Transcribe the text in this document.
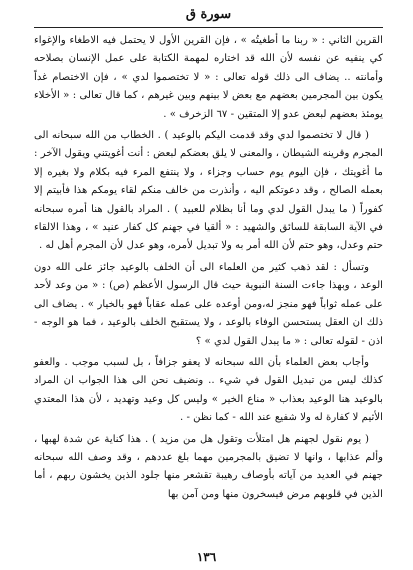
سورة ق

القرين الثاني : « ربنا ما أطغيتُه » ، فإن القرين الأول لا يحتمل فيه الاطغاء والإغواء كي ينفيه عن نفسه لأن الله قد اختاره لمهمة الكتابة على عمل الإنسان بصلاحه وأمانته .. يضاف الى ذلك قوله تعالى : « لا تختصموا لدي » ، فإن الاختصام غداً يكون بين المجرمين بعضهم مع بعض لا بينهم وبين غيرهم ، كما قال تعالى : « الأخلاء يومئذ بعضهم لبعض عدو إلا المتقين - ٦٧ الزخرف » .

( قال لا تختصموا لدي وقد قدمت اليكم بالوعيد ) . الخطاب من الله سبحانه الى المجرم وقرينه الشيطان ، والمعنى لا يلق بعضكم لبعض : أنت أغويتني ويقول الآخر : ما أغويتك ، فإن اليوم يوم حساب وجزاء ، ولا ينتفع المرء فيه بكلام ولا بغيره إلا بعمله الصالح ، وقد دعوتكم اليه ، وأنذرت من خالف منكم لقاء يومكم هذا فأبيتم إلا كفوراً ( ما يبدل القول لدي وما أنا بظلام للعبيد ) . المراد بالقول هنا أمره سبحانه في الآية السابقة للسائق والشهيد : « ألقيا في جهنم كل كفار عنيد » ، وهذا الالقاء حتم وعدل، وهو حتم لأن الله أمر به ولا تبديل لأمره، وهو عدل لأن المجرم أهل له .

وتسأل : لقد ذهب كثير من العلماء الى أن الخلف بالوعيد جائز على الله دون الوعد ، وبهذا جاءت السنة النبوية حيث قال الرسول الأعظم (ص) : « من وعد لأحد على عمله ثواباً فهو منجز له،ومن أوعده على عمله عقاباً فهو بالخيار » . يضاف الى ذلك ان العقل يستحسن الوفاء بالوعد ، ولا يستقبح الخلف بالوعيد ، فما هو الوجه - اذن - لقوله تعالى : « ما يبدل القول لدي » ؟

وأجاب بعض العلماء بأن الله سبحانه لا يعفو جزافاً ، بل لسبب موجب . والعفو كذلك ليس من تبديل القول في شيء .. ونضيف نحن الى هذا الجواب ان المراد بالوعيد هنا الوعيد بعذاب « مناع الخير » وليس كل وعيد وتهديد ، لأن هذا المعتدي الأثيم لا كفارة له ولا شفيع عند الله - كما نظن - .

( يوم نقول لجهنم هل امتلأت وتقول هل من مزيد ) . هذا كناية عن شدة لهبها ، وألم عذابها ، وانها لا تضيق بالمجرمين مهما بلغ عددهم ، وقد وصف الله سبحانه جهنم في العديد من آياته بأوصاف رهيبة تقشعر منها جلود الذين يخشون ربهم ، أما الذين في قلوبهم مرض فيسخرون منها ومن آمن بها

١٣٦
